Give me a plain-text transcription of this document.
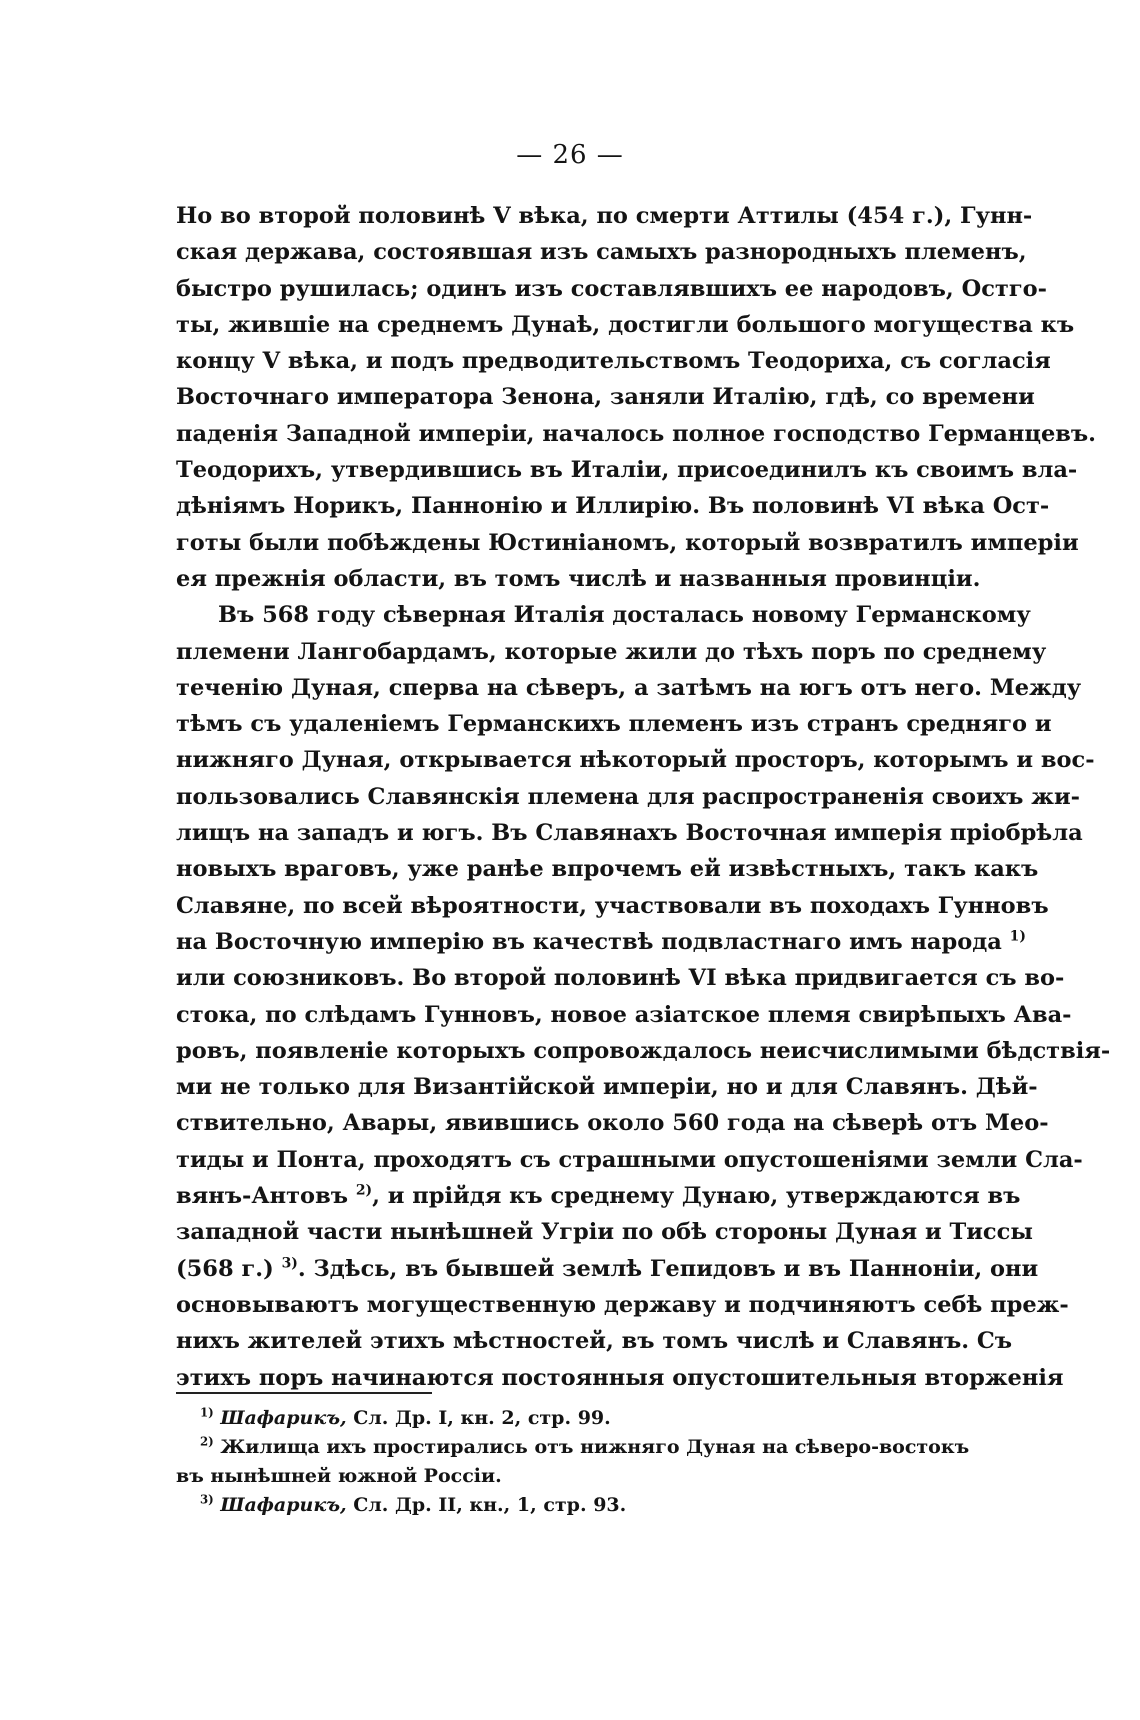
— 26 —
Но во второй половинѣ V вѣка, по смерти Аттилы (454 г.), Гунн-
ская держава, состоявшая изъ самыхъ разнородныхъ племенъ,
быстро рушилась; одинъ изъ составлявшихъ ее народовъ, Остго-
ты, жившіе на среднемъ Дунаѣ, достигли большого могущества къ
концу V вѣка, и подъ предводительствомъ Теодориха, съ согласія
Восточнаго императора Зенона, заняли Италію, гдѣ, со времени
паденія Западной имперіи, началось полное господство Германцевъ.
Теодорихъ, утвердившись въ Италіи, присоединилъ къ своимъ вла-
дѣніямъ Норикъ, Паннонію и Иллирію. Въ половинѣ VI вѣка Ост-
готы были побѣждены Юстиніаномъ, который возвратилъ имперіи
ея прежнія области, въ томъ числѣ и названныя провинціи.
Въ 568 году сѣверная Италія досталась новому Германскому
племени Лангобардамъ, которые жили до тѣхъ поръ по среднему
теченію Дуная, сперва на сѣверъ, а затѣмъ на югъ отъ него. Между
тѣмъ съ удаленіемъ Германскихъ племенъ изъ странъ средняго и
нижняго Дуная, открывается нѣкоторый просторъ, которымъ и вос-
пользовались Славянскія племена для распространенія своихъ жи-
лищъ на западъ и югъ. Въ Славянахъ Восточная имперія пріобрѣла
новыхъ враговъ, уже ранѣе впрочемъ ей извѣстныхъ, такъ какъ
Славяне, по всей вѣроятности, участвовали въ походахъ Гунновъ
на Восточную имперію въ качествѣ подвластнаго имъ народа $^{1)}$
или союзниковъ. Во второй половинѣ VI вѣка придвигается съ во-
стока, по слѣдамъ Гунновъ, новое азіатское племя свирѣпыхъ Ава-
ровъ, появленіе которыхъ сопровождалось неисчислимыми бѣдствія-
ми не только для Византійской имперіи, но и для Славянъ. Дѣй-
ствительно, Авары, явившись около 560 года на сѣверѣ отъ Мео-
тиды и Понта, проходятъ съ страшными опустошеніями земли Сла-
вянъ-Антовъ $^{2)}$, и прійдя къ среднему Дунаю, утверждаются въ
западной части нынѣшней Угріи по обѣ стороны Дуная и Тиссы
(568 г.) $^{3)}$. Здѣсь, въ бывшей землѣ Гепидовъ и въ Панноніи, они
основываютъ могущественную державу и подчиняютъ себѣ преж-
нихъ жителей этихъ мѣстностей, въ томъ числѣ и Славянъ. Съ
этихъ поръ начинаются постоянныя опустошительныя вторженія
$^{1)}$ Шафарикъ, Сл. Др. I, кн. 2, стр. 99.
$^{2)}$ Жилища ихъ простирались отъ нижняго Дуная на сѣверо-востокъ
въ нынѣшней южной Россіи.
$^{3)}$ Шафарикъ, Сл. Др. II, кн., 1, стр. 93.
